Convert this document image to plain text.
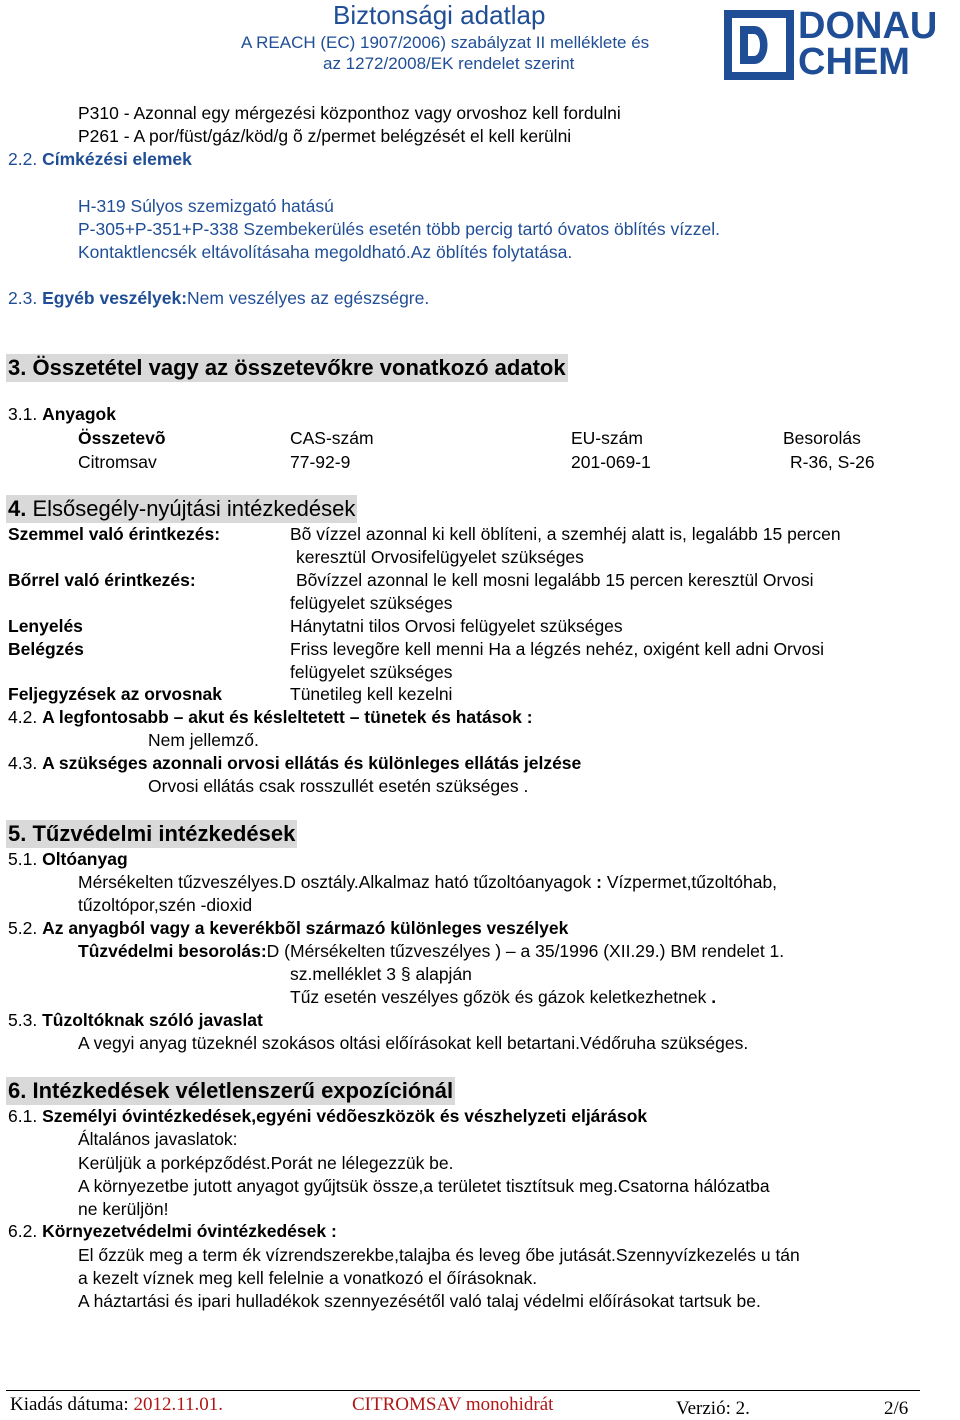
Biztonsági adatlap
A REACH (EC) 1907/2006) szabályzat II melléklete és
az 1272/2008/EK rendelet szerint
DONAU
CHEM
P310 - Azonnal egy mérgezési központhoz vagy orvoshoz kell fordulni
P261 - A por/füst/gáz/köd/g õ z/permet belégzését el kell kerülni
2.2. Címkézési elemek
H-319 Súlyos szemizgató hatású
P-305+P-351+P-338 Szembekerülés esetén több percig tartó óvatos öblítés vízzel.
Kontaktlencsék eltávolításaha megoldható.Az öblítés folytatása.
2.3. Egyéb veszélyek:Nem veszélyes az egészségre.
3. Összetétel vagy az összetevőkre vonatkozó adatok
3.1. Anyagok
Összetevõ	CAS-szám	EU-szám	Besorolás
Citromsav	77-92-9	201-069-1	R-36, S-26
4. Elsősegély-nyújtási intézkedések
Szemmel való érintkezés:	Bõ vízzel azonnal ki kell öblíteni, a szemhéj alatt is, legalább 15 percen
keresztül Orvosifelügyelet szükséges
Bőrrel való érintkezés:	Bõvízzel azonnal le kell mosni legalább 15 percen keresztül Orvosi
felügyelet szükséges
Lenyelés	Hánytatni tilos Orvosi felügyelet szükséges
Belégzés	Friss levegõre kell menni Ha a légzés nehéz, oxigént kell adni Orvosi
felügyelet szükséges
Feljegyzések az orvosnak	Tünetileg kell kezelni
4.2. A legfontosabb – akut és késleltetett – tünetek és hatások :
Nem jellemző.
4.3. A szükséges azonnali orvosi ellátás és különleges ellátás jelzése
Orvosi ellátás csak rosszullét esetén szükséges .
5. Tűzvédelmi intézkedések
5.1. Oltóanyag
Mérsékelten tűzveszélyes.D osztály.Alkalmaz ható tűzoltóanyagok : Vízpermet,tűzoltóhab,
tűzoltópor,szén -dioxid
5.2. Az anyagból vagy a keverékbõl származó különleges veszélyek
Tûzvédelmi besorolás:D (Mérsékelten tűzveszélyes ) – a 35/1996 (XII.29.) BM rendelet 1.
sz.melléklet 3 § alapján
Tűz esetén veszélyes gőzök és gázok keletkezhetnek .
5.3. Tûzoltóknak szóló javaslat
A vegyi anyag tüzeknél szokásos oltási előírásokat kell betartani.Védőruha szükséges.
6. Intézkedések véletlenszerű expozíciónál
6.1. Személyi óvintézkedések,egyéni védõeszközök és vészhelyzeti eljárások
Általános javaslatok:
Kerüljük a porképződést.Porát ne lélegezzük be.
A környezetbe jutott anyagot gyűjtsük össze,a területet tisztítsuk meg.Csatorna hálózatba
ne kerüljön!
6.2. Környezetvédelmi óvintézkedések :
El őzzük meg a term ék vízrendszerekbe,talajba és leveg őbe jutását.Szennyvízkezelés u tán
a kezelt víznek meg kell felelnie a vonatkozó el őírásoknak.
A háztartási és ipari hulladékok szennyezésétől való talaj védelmi előírásokat tartsuk be.
Kiadás dátuma: 2012.11.01.	CITROMSAV monohidrát	Verzió: 2.	2/6
